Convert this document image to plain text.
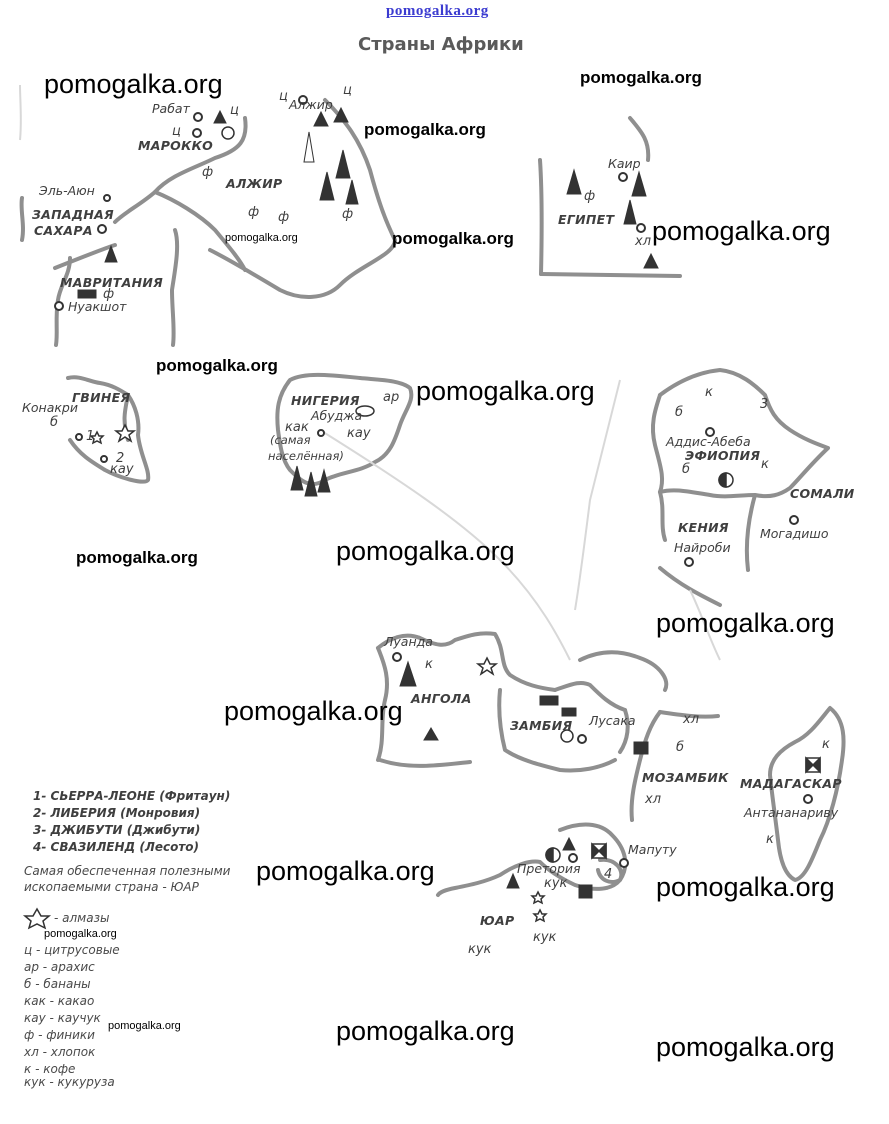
pomogalka.org
Страны Африки
pomogalka.org	pomogalka.org
pomogalka.org
pomogalka.org	pomogalka.org	pomogalka.org
pomogalka.org
pomogalka.org
pomogalka.org	pomogalka.org
pomogalka.org
pomogalka.org
pomogalka.org
pomogalka.org
pomogalka.org
pomogalka.org	pomogalka.org
pomogalka.org
Рабат	ц
ц
МАРОККО
ц
Алжир
ц
ф
АЛЖИР
ф ф	ф
Эль-Аюн
ЗАПАДНАЯ
САХАРА
МАВРИТАНИЯ
ф
Нуакшот
Каир
ф
ЕГИПЕТ
хл
ГВИНЕЯ
Конакри
б
1
2
кау
НИГЕРИЯ ар
Абуджа
как	кау
(самая
населённая)
к
3
б
Аддис-Абеба
ЭФИОПИЯ
б	к
СОМАЛИ
КЕНИЯ Могадишо
Найроби
Луанда
к
АНГОЛА
ЗАМБИЯ Лусака	хл
б
МОЗАМБИК
хл
к
МАДАГАСКАР
Антананариву
к
Мапуту
Претория 4
кук
ЮАР
кук
кук
1- СЬЕРРА-ЛЕОНЕ (Фритаун)
2- ЛИБЕРИЯ (Монровия)
3- ДЖИБУТИ (Джибути)
4- СВАЗИЛЕНД (Лесото)
Самая обеспеченная полезными
ископаемыми страна - ЮАР
- алмазы
ц - цитрусовые
ар - арахис
б - бананы
как - какао
кау - каучук
ф - финики
хл - хлопок
к - кофе
кук - кукуруза
